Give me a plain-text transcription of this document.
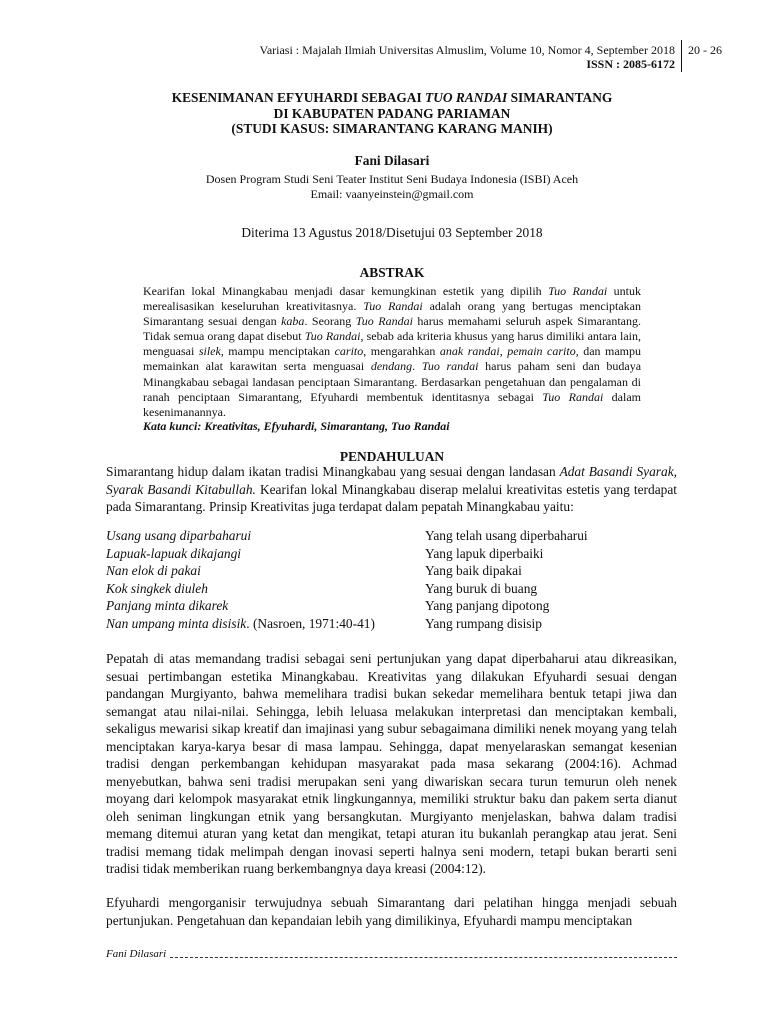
Variasi : Majalah Ilmiah Universitas Almuslim, Volume 10, Nomor 4, September 2018
ISSN : 2085-6172
20 - 26
KESENIMANAN EFYUHARDI SEBAGAI TUO RANDAI SIMARANTANG
DI KABUPATEN PADANG PARIAMAN
(STUDI KASUS: SIMARANTANG KARANG MANIH)
Fani Dilasari
Dosen Program Studi Seni Teater Institut Seni Budaya Indonesia (ISBI) Aceh
Email: vaanyeinstein@gmail.com
Diterima 13 Agustus 2018/Disetujui 03 September 2018
ABSTRAK
Kearifan lokal Minangkabau menjadi dasar kemungkinan estetik yang dipilih Tuo Randai untuk merealisasikan keseluruhan kreativitasnya. Tuo Randai adalah orang yang bertugas menciptakan Simarantang sesuai dengan kaba. Seorang Tuo Randai harus memahami seluruh aspek Simarantang. Tidak semua orang dapat disebut Tuo Randai, sebab ada kriteria khusus yang harus dimiliki antara lain, menguasai silek, mampu menciptakan carito, mengarahkan anak randai, pemain carito, dan mampu memainkan alat karawitan serta menguasai dendang. Tuo randai harus paham seni dan budaya Minangkabau sebagai landasan penciptaan Simarantang. Berdasarkan pengetahuan dan pengalaman di ranah penciptaan Simarantang, Efyuhardi membentuk identitasnya sebagai Tuo Randai dalam kesenimanannya.
Kata kunci: Kreativitas, Efyuhardi, Simarantang, Tuo Randai
PENDAHULUAN
Simarantang hidup dalam ikatan tradisi Minangkabau yang sesuai dengan landasan Adat Basandi Syarak, Syarak Basandi Kitabullah. Kearifan lokal Minangkabau diserap melalui kreativitas estetis yang terdapat pada Simarantang. Prinsip Kreativitas juga terdapat dalam pepatah Minangkabau yaitu:
Usang usang diparbaharui	Yang telah usang diperbaharui
Lapuak-lapuak dikajangi	Yang lapuk diperbaiki
Nan elok di pakai	Yang baik dipakai
Kok singkek diuleh	Yang buruk di buang
Panjang minta dikarek	Yang panjang dipotong
Nan umpang minta disisik. (Nasroen, 1971:40-41)	Yang rumpang disisip
Pepatah di atas memandang tradisi sebagai seni pertunjukan yang dapat diperbaharui atau dikreasikan, sesuai pertimbangan estetika Minangkabau. Kreativitas yang dilakukan Efyuhardi sesuai dengan pandangan Murgiyanto, bahwa memelihara tradisi bukan sekedar memelihara bentuk tetapi jiwa dan semangat atau nilai-nilai. Sehingga, lebih leluasa melakukan interpretasi dan menciptakan kembali, sekaligus mewarisi sikap kreatif dan imajinasi yang subur sebagaimana dimiliki nenek moyang yang telah menciptakan karya-karya besar di masa lampau. Sehingga, dapat menyelaraskan semangat kesenian tradisi dengan perkembangan kehidupan masyarakat pada masa sekarang (2004:16). Achmad menyebutkan, bahwa seni tradisi merupakan seni yang diwariskan secara turun temurun oleh nenek moyang dari kelompok masyarakat etnik lingkungannya, memiliki struktur baku dan pakem serta dianut oleh seniman lingkungan etnik yang bersangkutan. Murgiyanto menjelaskan, bahwa dalam tradisi memang ditemui aturan yang ketat dan mengikat, tetapi aturan itu bukanlah perangkap atau jerat. Seni tradisi memang tidak melimpah dengan inovasi seperti halnya seni modern, tetapi bukan berarti seni tradisi tidak memberikan ruang berkembangnya daya kreasi (2004:12).
Efyuhardi mengorganisir terwujudnya sebuah Simarantang dari pelatihan hingga menjadi sebuah pertunjukan. Pengetahuan dan kepandaian lebih yang dimilikinya, Efyuhardi mampu menciptakan
Fani Dilasari
